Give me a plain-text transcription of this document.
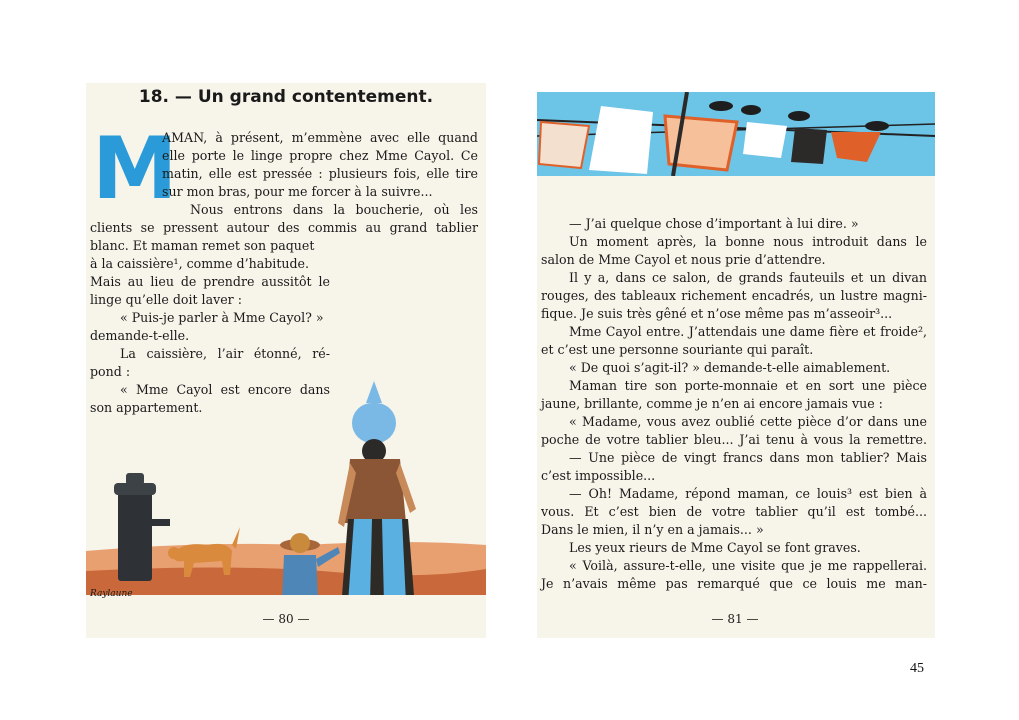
18. — Un grand contentement.
M
AMAN, à présent, m’emmène avec elle quand
elle porte le linge propre chez Mme Cayol. Ce
matin, elle est pressée : plusieurs fois, elle tire
sur mon bras, pour me forcer à la suivre...
Nous entrons dans la boucherie, où les
clients se pressent autour des commis au grand tablier
blanc. Et maman remet son paquet
à la caissière¹, comme d’habitude.
Mais au lieu de prendre aussitôt le
linge qu’elle doit laver :
« Puis-je parler à Mme Cayol? »
demande-t-elle.
La caissière, l’air étonné, ré-
pond :
« Mme Cayol est encore dans
son appartement.
Raylaune
— 80 —
— J’ai quelque chose d’important à lui dire. »
Un moment après, la bonne nous introduit dans le
salon de Mme Cayol et nous prie d’attendre.
Il y a, dans ce salon, de grands fauteuils et un divan
rouges, des tableaux richement encadrés, un lustre magni-
fique. Je suis très gêné et n’ose même pas m’asseoir³...
Mme Cayol entre. J’attendais une dame fière et froide²,
et c’est une personne souriante qui paraît.
« De quoi s’agit-il? » demande-t-elle aimablement.
Maman tire son porte-monnaie et en sort une pièce
jaune, brillante, comme je n’en ai encore jamais vue :
« Madame, vous avez oublié cette pièce d’or dans une
poche de votre tablier bleu... J’ai tenu à vous la remettre.
— Une pièce de vingt francs dans mon tablier? Mais
c’est impossible...
— Oh! Madame, répond maman, ce louis³ est bien à
vous. Et c’est bien de votre tablier qu’il est tombé...
Dans le mien, il n’y en a jamais... »
Les yeux rieurs de Mme Cayol se font graves.
« Voilà, assure-t-elle, une visite que je me rappellerai.
Je n’avais même pas remarqué que ce louis me man-
— 81 —
45
